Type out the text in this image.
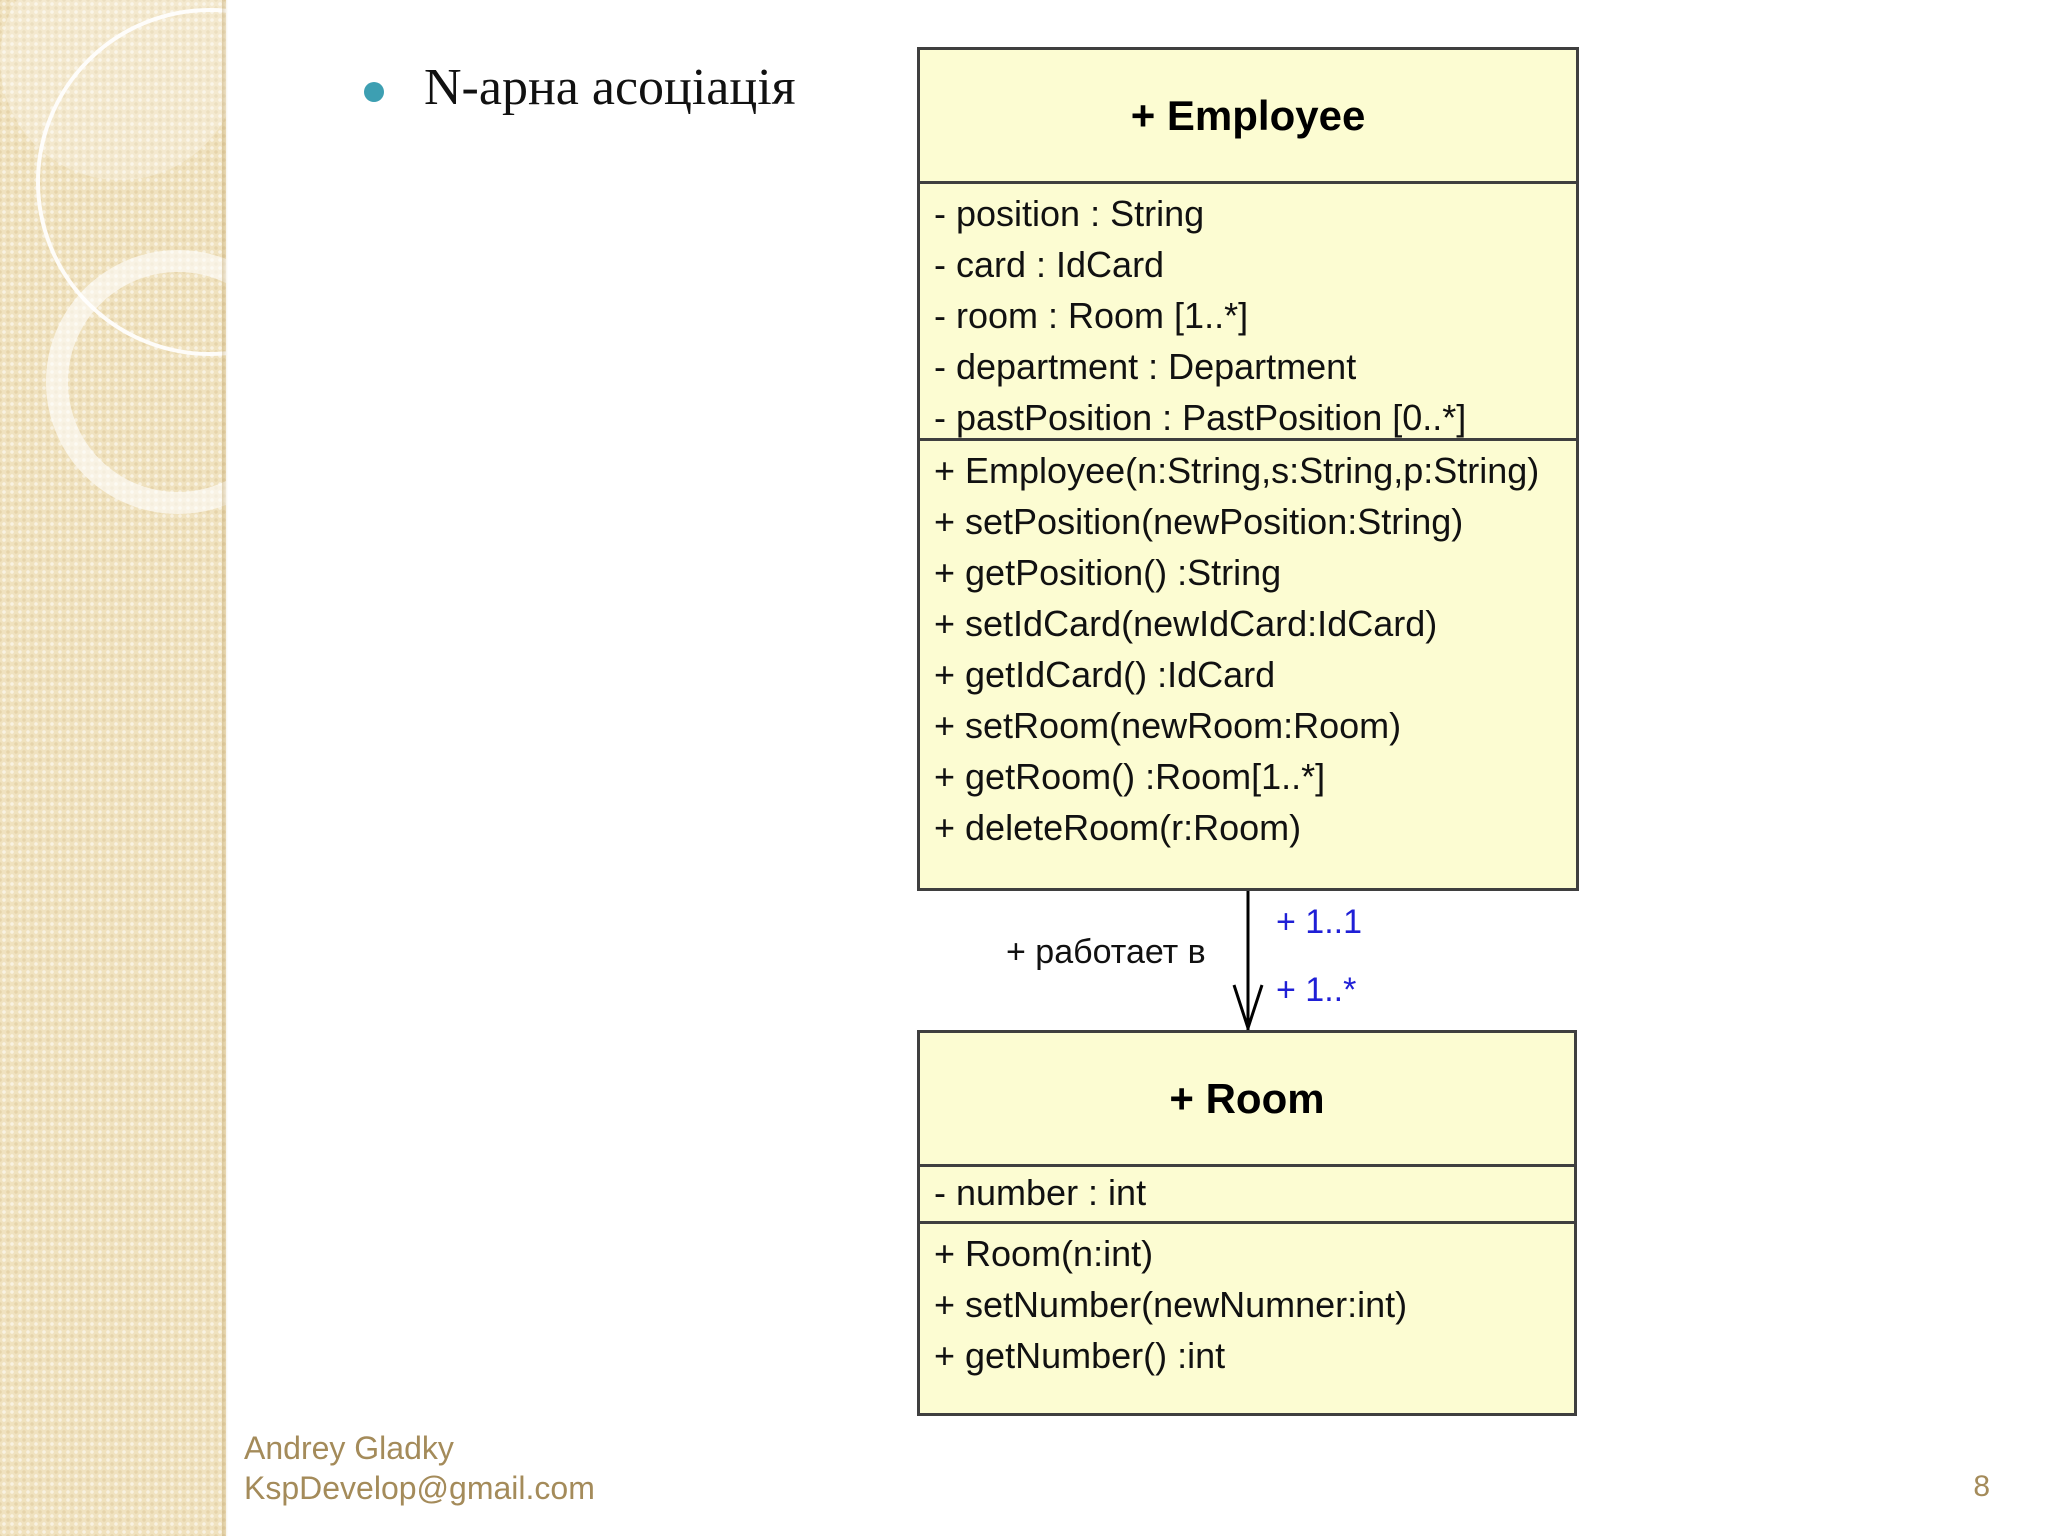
N-арна асоціація	+ Employee
- position : String
- card : IdCard
- room : Room [1..*]
- department : Department
- pastPosition : PastPosition [0..*]
+ Employee(n:String,s:String,p:String)
+ setPosition(newPosition:String)
+ getPosition() :String
+ setIdCard(newIdCard:IdCard)
+ getIdCard() :IdCard
+ setRoom(newRoom:Room)
+ getRoom() :Room[1..*]
+ deleteRoom(r:Room)
+ работает в
+ 1..1
+ 1..*
+ Room
- number : int
+ Room(n:int)
+ setNumber(newNumner:int)
+ getNumber() :int
Andrey Gladky
KspDevelop@gmail.com	8
